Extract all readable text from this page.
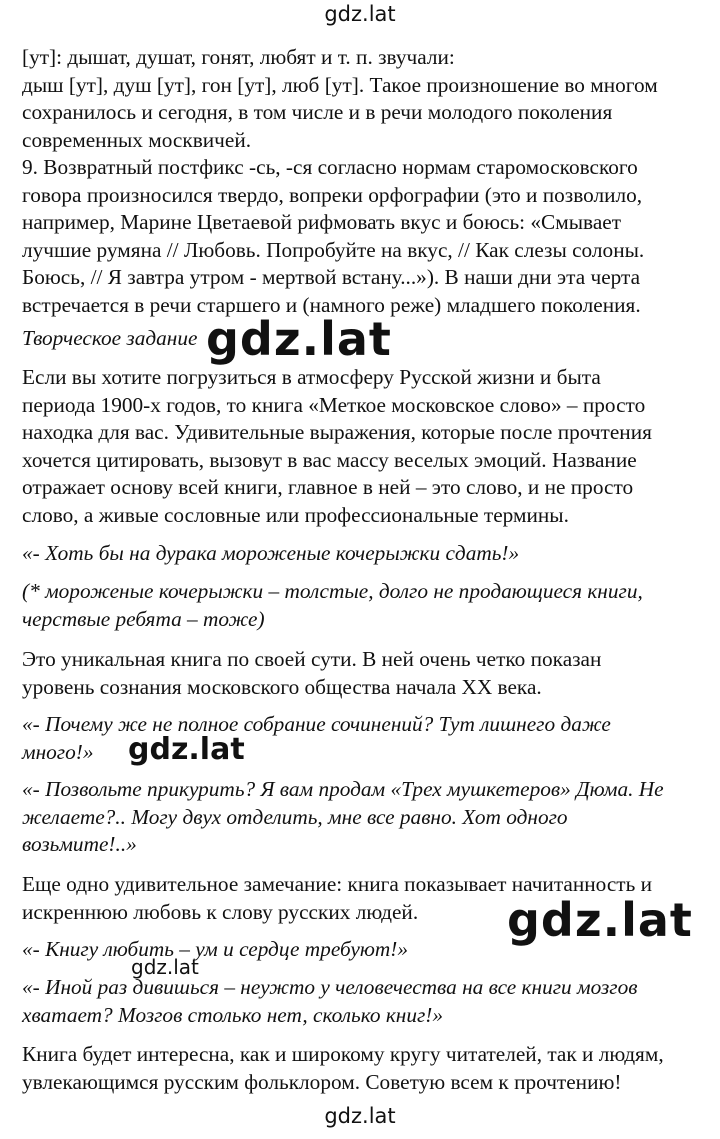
gdz.lat

[ут]: дышат, душат, гонят, любят и т. п. звучали:
дыш [ут], душ [ут], гон [ут], люб [ут]. Такое произношение во многом
сохранилось и сегодня, в том числе и в речи молодого поколения
современных москвичей.
9. Возвратный постфикс -сь, -ся согласно нормам старомосковского
говора произносился твердо, вопреки орфографии (это и позволило,
например, Марине Цветаевой рифмовать вкус и боюсь: «Смывает
лучшие румяна // Любовь. Попробуйте на вкус, // Как слезы солоны.
Боюсь, // Я завтра утром - мертвой встану...»). В наши дни эта черта
встречается в речи старшего и (намного реже) младшего поколения.

Творческое задание gdz.lat

Если вы хотите погрузиться в атмосферу Русской жизни и быта
периода 1900-х годов, то книга «Меткое московское слово» – просто
находка для вас. Удивительные выражения, которые после прочтения
хочется цитировать, вызовут в вас массу веселых эмоций. Название
отражает основу всей книги, главное в ней – это слово, и не просто
слово, а живые сословные или профессиональные термины.

«- Хоть бы на дурака мороженые кочерыжки сдать!»

(* мороженые кочерыжки – толстые, долго не продающиеся книги,
черствые ребята – тоже)

Это уникальная книга по своей сути. В ней очень четко показан
уровень сознания московского общества начала XX века.

«- Почему же не полное собрание сочинений? Тут лишнего даже
много!»	gdz.lat

«- Позвольте прикурить? Я вам продам «Трех мушкетеров» Дюма. Не
желаете?.. Могу двух отделить, мне все равно. Хот одного
возьмите!..»

Еще одно удивительное замечание: книга показывает начитанность и
искреннюю любовь к слову русских людей.	gdz.lat

«- Книгу любить – ум и сердце требуют!»

gdz.lat

«- Иной раз дивишься – неужто у человечества на все книги мозгов
хватает? Мозгов столько нет, сколько книг!»

Книга будет интересна, как и широкому кругу читателей, так и людям,
увлекающимся русским фольклором. Советую всем к прочтению!

gdz.lat
